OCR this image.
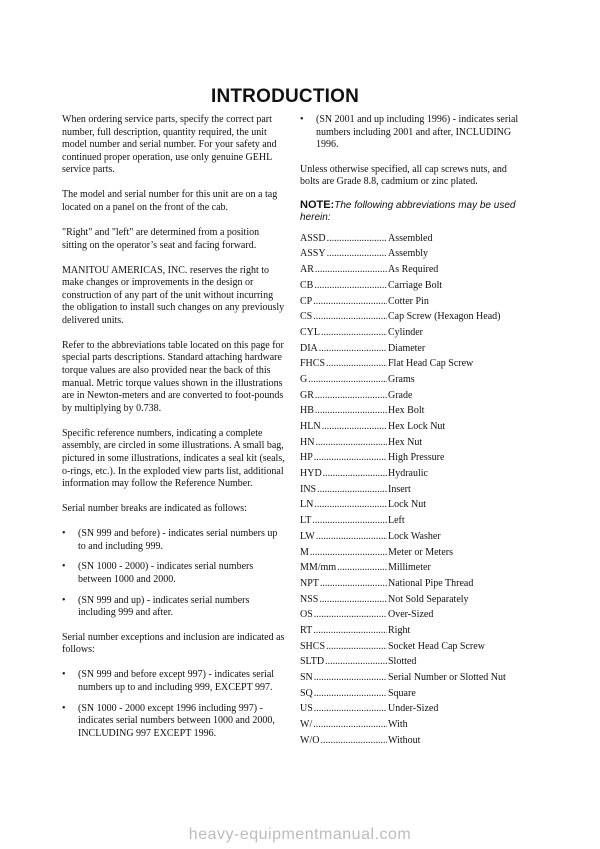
INTRODUCTION

When ordering service parts, specify the correct part number, full description, quantity required, the unit model number and serial number. For your safety and continued proper operation, use only genuine GEHL service parts.

The model and serial number for this unit are on a tag located on a panel on the front of the cab.

"Right" and "left" are determined from a position sitting on the operator’s seat and facing forward.

MANITOU AMERICAS, INC. reserves the right to make changes or improvements in the design or construction of any part of the unit without incurring the obligation to install such changes on any previously delivered units.

Refer to the abbreviations table located on this page for special parts descriptions. Standard attaching hardware torque values are also provided near the back of this manual. Metric torque values shown in the illustrations are in Newton-meters and are converted to foot-pounds by multiplying by 0.738.

Specific reference numbers, indicating a complete assembly, are circled in some illustrations. A small bag, pictured in some illustrations, indicates a seal kit (seals, o-rings, etc.). In the exploded view parts list, additional information may follow the Reference Number.

Serial number breaks are indicated as follows:

• (SN 999 and before) - indicates serial numbers up to and including 999.
• (SN 1000 - 2000) - indicates serial numbers between 1000 and 2000.
• (SN 999 and up) - indicates serial numbers including 999 and after.

Serial number exceptions and inclusion are indicated as follows:

• (SN 999 and before except 997) - indicates serial numbers up to and including 999, EXCEPT 997.
• (SN 1000 - 2000 except 1996 including 997) - indicates serial numbers between 1000 and 2000, INCLUDING 997 EXCEPT 1996.
• (SN 2001 and up including 1996) - indicates serial numbers including 2001 and after, INCLUDING 1996.

Unless otherwise specified, all cap screws nuts, and bolts are Grade 8.8, cadmium or zinc plated.

NOTE:The following abbreviations may be used herein:
ASSD .....	Assembled
ASSY .....	Assembly
AR .....	As Required
CB .....	Carriage Bolt
CP .....	Cotter Pin
CS .....	Cap Screw (Hexagon Head)
CYL .....	Cylinder
DIA .....	Diameter
FHCS .....	Flat Head Cap Screw
G .....	Grams
GR .....	Grade
HB .....	Hex Bolt
HLN .....	Hex Lock Nut
HN .....	Hex Nut
HP .....	High Pressure
HYD .....	Hydraulic
INS .....	Insert
LN .....	Lock Nut
LT .....	Left
LW .....	Lock Washer
M .....	Meter or Meters
MM/mm .....	Millimeter
NPT .....	National Pipe Thread
NSS .....	Not Sold Separately
OS .....	Over-Sized
RT .....	Right
SHCS .....	Socket Head Cap Screw
SLTD .....	Slotted
SN .....	Serial Number or Slotted Nut
SQ .....	Square
US .....	Under-Sized
W/ .....	With
W/O .....	Without
heavy-equipmentmanual.com
